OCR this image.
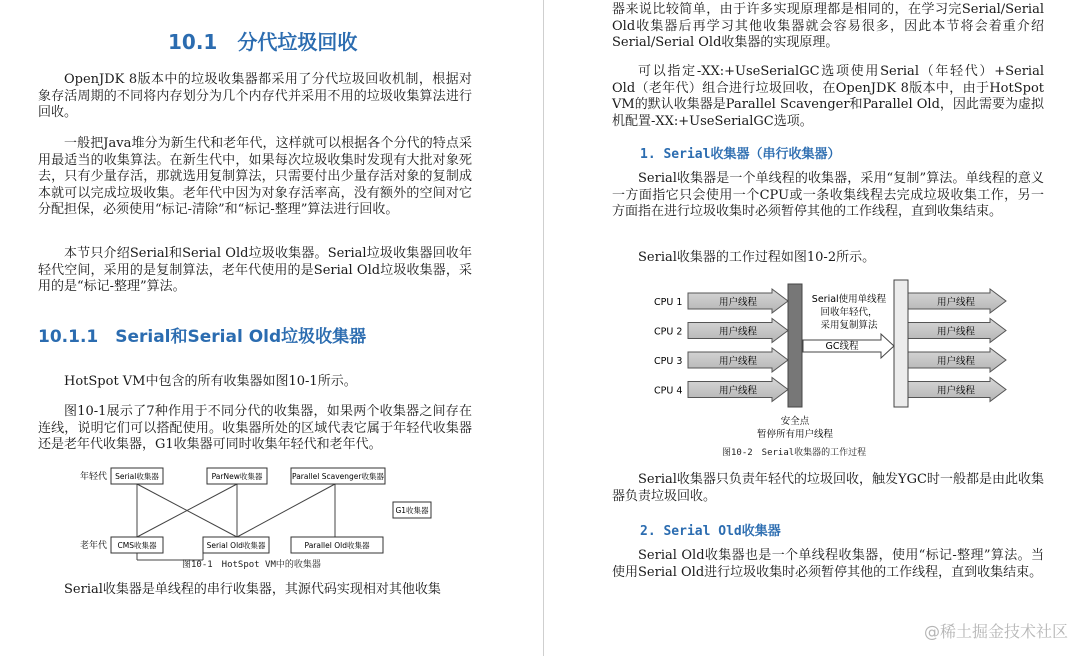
10.1　分代垃圾回收

OpenJDK 8版本中的垃圾收集器都采用了分代垃圾回收机制，根据对象存活周期的不同将内存划分为几个内存代并采用不用的垃圾收集算法进行回收。

一般把Java堆分为新生代和老年代，这样就可以根据各个分代的特点采用最适当的收集算法。在新生代中，如果每次垃圾收集时发现有大批对象死去，只有少量存活，那就选用复制算法，只需要付出少量存活对象的复制成本就可以完成垃圾收集。老年代中因为对象存活率高，没有额外的空间对它分配担保，必须使用“标记-清除”和“标记-整理”算法进行回收。

本节只介绍Serial和Serial Old垃圾收集器。Serial垃圾收集器回收年轻代空间，采用的是复制算法，老年代使用的是Serial Old垃圾收集器，采用的是“标记-整理”算法。

10.1.1　Serial和Serial Old垃圾收集器

HotSpot VM中包含的所有收集器如图10-1所示。

图10-1展示了7种作用于不同分代的收集器，如果两个收集器之间存在连线，说明它们可以搭配使用。收集器所处的区域代表它属于年轻代收集器还是老年代收集器，G1收集器可同时收集年轻代和老年代。

年轻代
老年代
Serial收集器	ParNew收集器	Parallel Scavenger收集器
G1收集器
CMS收集器	Serial Old收集器	Parallel Old收集器
图10-1　HotSpot VM中的收集器

Serial收集器是单线程的串行收集器，其源代码实现相对其他收集

器来说比较简单，由于许多实现原理都是相同的，在学习完Serial/Serial Old收集器后再学习其他收集器就会容易很多，因此本节将会着重介绍Serial/Serial Old收集器的实现原理。

可以指定-XX:+UseSerialGC选项使用Serial（年轻代）+Serial Old（老年代）组合进行垃圾回收，在OpenJDK 8版本中，由于HotSpot VM的默认收集器是Parallel Scavenger和Parallel Old，因此需要为虚拟机配置-XX:+UseSerialGC选项。

1. Serial收集器（串行收集器）

Serial收集器是一个单线程的收集器，采用“复制”算法。单线程的意义一方面指它只会使用一个CPU或一条收集线程去完成垃圾收集工作，另一方面指在进行垃圾收集时必须暂停其他的工作线程，直到收集结束。

Serial收集器的工作过程如图10-2所示。

CPU 1	用户线程	用户线程
CPU 2	用户线程	用户线程
CPU 3	用户线程	用户线程
CPU 4	用户线程	用户线程
Serial使用单线程
回收年轻代，
采用复制算法
GC线程
安全点
暂停所有用户线程
图10-2　Serial收集器的工作过程

Serial收集器只负责年轻代的垃圾回收，触发YGC时一般都是由此收集器负责垃圾回收。

2. Serial Old收集器

Serial Old收集器也是一个单线程收集器，使用“标记-整理”算法。当使用Serial Old进行垃圾收集时必须暂停其他的工作线程，直到收集结束。

@稀土掘金技术社区
